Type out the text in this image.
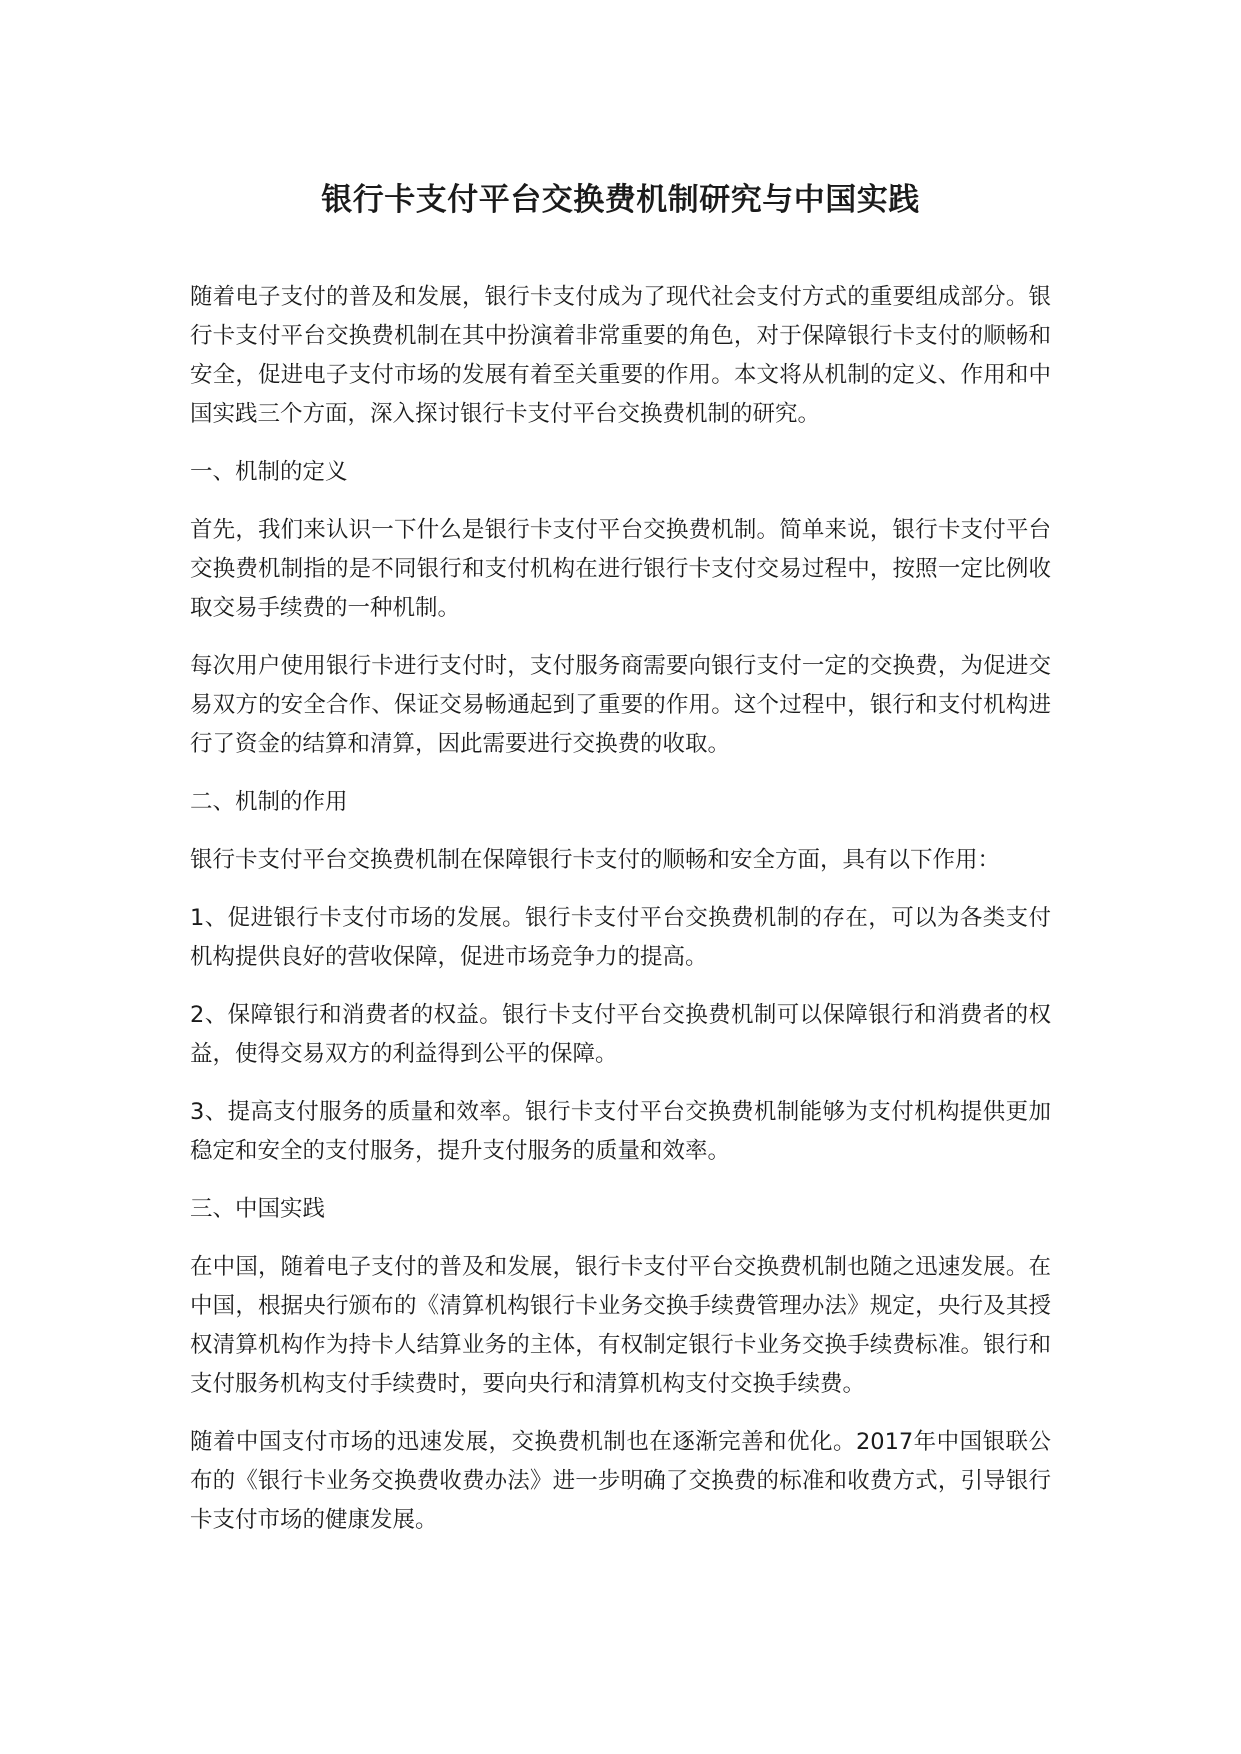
银行卡支付平台交换费机制研究与中国实践

随着电子支付的普及和发展，银行卡支付成为了现代社会支付方式的重要组成部分。银行卡支付平台交换费机制在其中扮演着非常重要的角色，对于保障银行卡支付的顺畅和安全，促进电子支付市场的发展有着至关重要的作用。本文将从机制的定义、作用和中国实践三个方面，深入探讨银行卡支付平台交换费机制的研究。

一、机制的定义

首先，我们来认识一下什么是银行卡支付平台交换费机制。简单来说，银行卡支付平台交换费机制指的是不同银行和支付机构在进行银行卡支付交易过程中，按照一定比例收取交易手续费的一种机制。

每次用户使用银行卡进行支付时，支付服务商需要向银行支付一定的交换费，为促进交易双方的安全合作、保证交易畅通起到了重要的作用。这个过程中，银行和支付机构进行了资金的结算和清算，因此需要进行交换费的收取。

二、机制的作用

银行卡支付平台交换费机制在保障银行卡支付的顺畅和安全方面，具有以下作用：

1、促进银行卡支付市场的发展。银行卡支付平台交换费机制的存在，可以为各类支付机构提供良好的营收保障，促进市场竞争力的提高。

2、保障银行和消费者的权益。银行卡支付平台交换费机制可以保障银行和消费者的权益，使得交易双方的利益得到公平的保障。

3、提高支付服务的质量和效率。银行卡支付平台交换费机制能够为支付机构提供更加稳定和安全的支付服务，提升支付服务的质量和效率。

三、中国实践

在中国，随着电子支付的普及和发展，银行卡支付平台交换费机制也随之迅速发展。在中国，根据央行颁布的《清算机构银行卡业务交换手续费管理办法》规定，央行及其授权清算机构作为持卡人结算业务的主体，有权制定银行卡业务交换手续费标准。银行和支付服务机构支付手续费时，要向央行和清算机构支付交换手续费。

随着中国支付市场的迅速发展，交换费机制也在逐渐完善和优化。2017年中国银联公布的《银行卡业务交换费收费办法》进一步明确了交换费的标准和收费方式，引导银行卡支付市场的健康发展。
